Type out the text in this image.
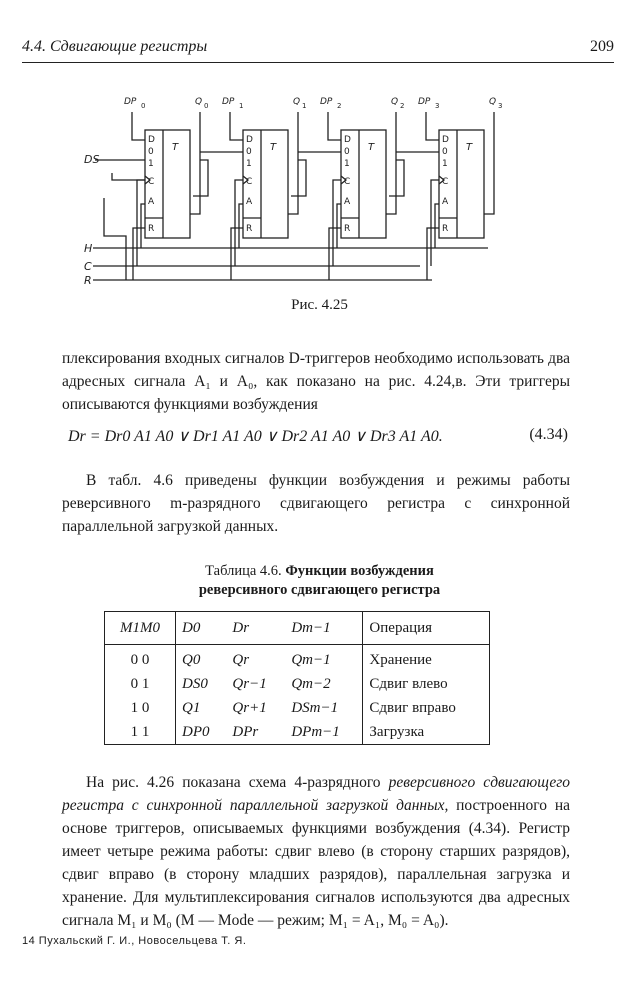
4.4. Сдвигающие регистры	209
D
0
1
C
A
R
T
DP 0	Q 0
D
0
1
C
A
R
T
DP 1	Q 1
D
0
1
C
A
R
T
DP 2	Q 2
D
0
1
C
A
R
T
DP 3	Q 3
DS
H
C
R
Рис. 4.25
плексирования входных сигналов D-триггеров необходимо использовать два адресных сигнала A₁ и A₀, как показано на рис. 4.24,в. Эти триггеры описываются функциями возбуждения
Dr = Dr0 A1 A0 ∨ Dr1 A1 A0 ∨ Dr2 A1 A0 ∨ Dr3 A1 A0.	(4.34)
В табл. 4.6 приведены функции возбуждения и режимы работы реверсивного m-разрядного сдвигающего регистра с синхронной параллельной загрузкой данных.
Таблица 4.6. Функции возбуждения
реверсивного сдвигающего регистра
M1M0	D0	Dr	Dm−1	Операция
0 0	Q0	Qr	Qm−1	Хранение
0 1	DS0	Qr−1	Qm−2	Сдвиг влево
1 0	Q1	Qr+1	DSm−1	Сдвиг вправо
1 1	DP0	DPr	DPm−1	Загрузка
На рис. 4.26 показана схема 4-разрядного реверсивного сдвигающего регистра с синхронной параллельной загрузкой данных, построенного на основе триггеров, описываемых функциями возбуждения (4.34). Регистр имеет четыре режима работы: сдвиг влево (в сторону старших разрядов), сдвиг вправо (в сторону младших разрядов), параллельная загрузка и хранение. Для мультиплексирования сигналов используются два адресных сигнала M₁ и M₀ (M — Mode — режим; M₁ = A₁, M₀ = A₀).
14 Пухальский Г. И., Новосельцева Т. Я.
